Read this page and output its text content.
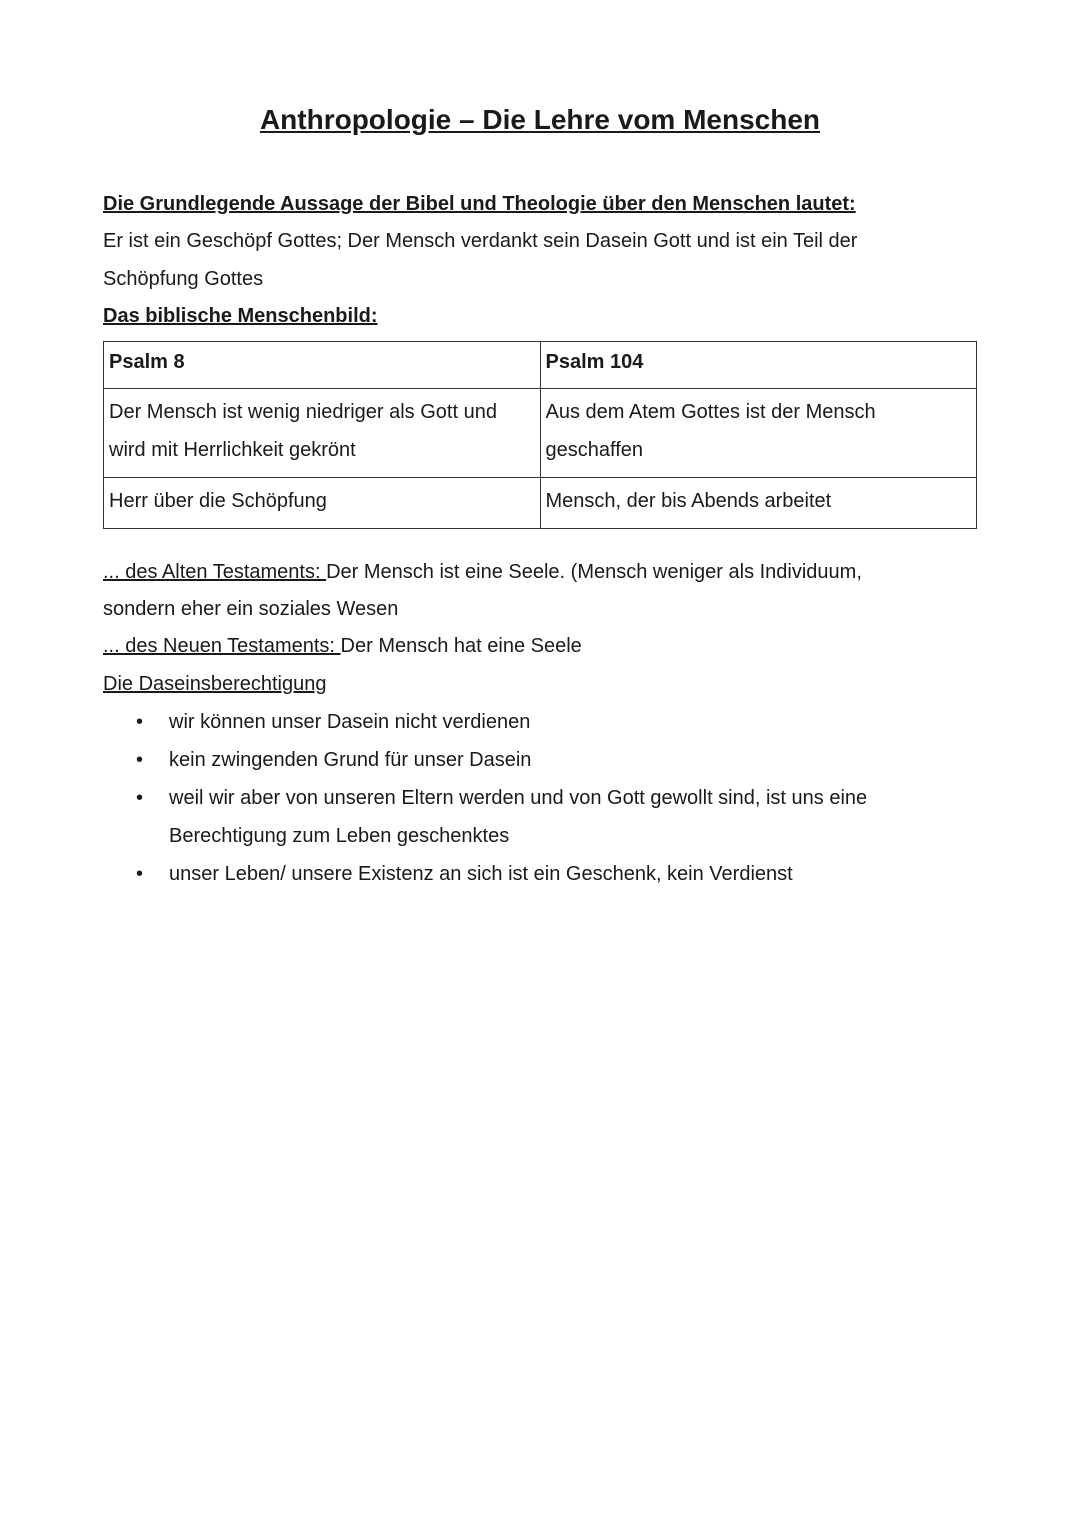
Anthropologie – Die Lehre vom Menschen
Die Grundlegende Aussage der Bibel und Theologie über den Menschen lautet:
Er ist ein Geschöpf Gottes; Der Mensch verdankt sein Dasein Gott und ist ein Teil der
Schöpfung Gottes
Das biblische Menschenbild:
Psalm 8	Psalm 104
Der Mensch ist wenig niedriger als Gott und wird mit Herrlichkeit gekrönt	Aus dem Atem Gottes ist der Mensch geschaffen
Herr über die Schöpfung	Mensch, der bis Abends arbeitet
... des Alten Testaments: Der Mensch ist eine Seele. (Mensch weniger als Individuum,
sondern eher ein soziales Wesen
... des Neuen Testaments: Der Mensch hat eine Seele
Die Daseinsberechtigung
• wir können unser Dasein nicht verdienen
• kein zwingenden Grund für unser Dasein
• weil wir aber von unseren Eltern werden und von Gott gewollt sind, ist uns eine Berechtigung zum Leben geschenktes
• unser Leben/ unsere Existenz an sich ist ein Geschenk, kein Verdienst
